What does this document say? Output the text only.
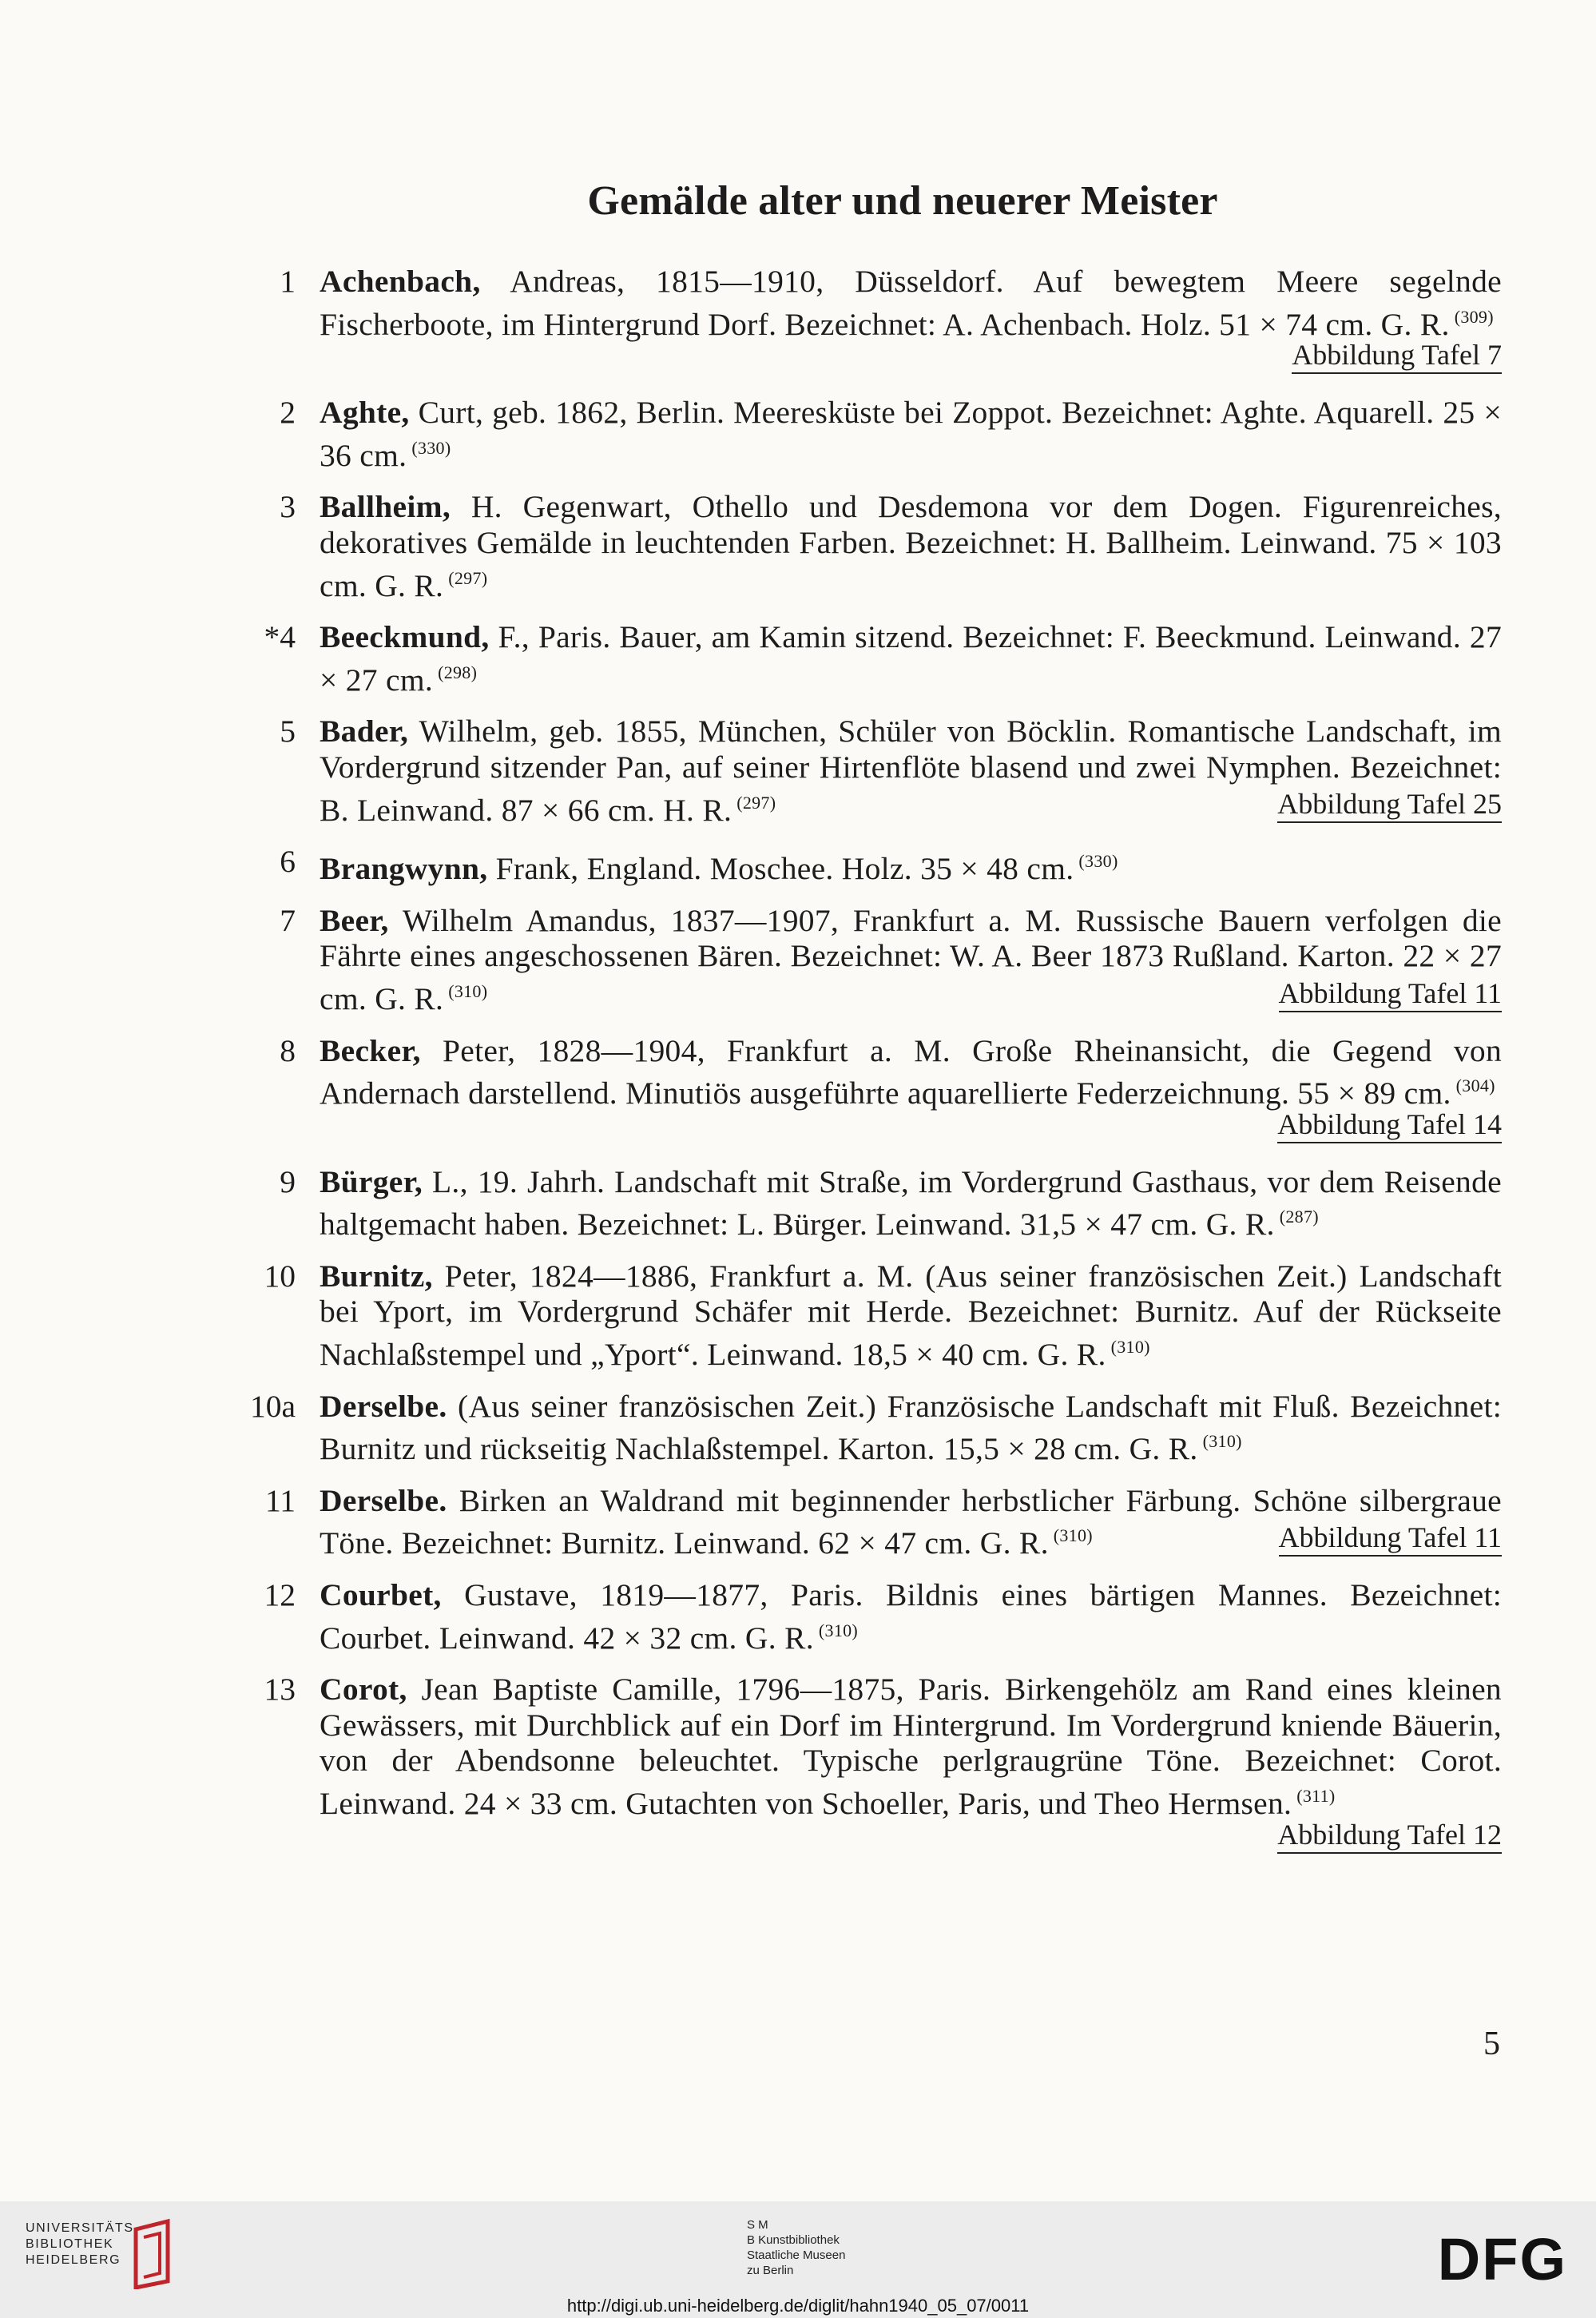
Gemälde alter und neuerer Meister
1 Achenbach, Andreas, 1815—1910, Düsseldorf. Auf bewegtem Meere segelnde Fischerboote, im Hintergrund Dorf. Bezeichnet: A. Achenbach. Holz. 51 × 74 cm. G. R. $^{(309)}$
Abbildung Tafel 7
2 Aghte, Curt, geb. 1862, Berlin. Meeresküste bei Zoppot. Bezeichnet: Aghte. Aquarell. 25 × 36 cm. $^{(330)}$
3 Ballheim, H. Gegenwart, Othello und Desdemona vor dem Dogen. Figurenreiches, dekoratives Gemälde in leuchtenden Farben. Bezeichnet: H. Ballheim. Leinwand. 75 × 103 cm. G. R. $^{(297)}$
*4 Beeckmund, F., Paris. Bauer, am Kamin sitzend. Bezeichnet: F. Beeckmund. Leinwand. 27 × 27 cm. $^{(298)}$
5 Bader, Wilhelm, geb. 1855, München, Schüler von Böcklin. Romantische Landschaft, im Vordergrund sitzender Pan, auf seiner Hirtenflöte blasend und zwei Nymphen. Bezeichnet: B. Leinwand. 87 × 66 cm. H. R. $^{(297)}$	Abbildung Tafel 25
6 Brangwynn, Frank, England. Moschee. Holz. 35 × 48 cm. $^{(330)}$
7 Beer, Wilhelm Amandus, 1837—1907, Frankfurt a. M. Russische Bauern verfolgen die Fährte eines angeschossenen Bären. Bezeichnet: W. A. Beer 1873 Rußland. Karton. 22 × 27 cm. G. R. $^{(310)}$	Abbildung Tafel 11
8 Becker, Peter, 1828—1904, Frankfurt a. M. Große Rheinansicht, die Gegend von Andernach darstellend. Minutiös ausgeführte aquarellierte Federzeichnung. 55 × 89 cm. $^{(304)}$
Abbildung Tafel 14
9 Bürger, L., 19. Jahrh. Landschaft mit Straße, im Vordergrund Gasthaus, vor dem Reisende haltgemacht haben. Bezeichnet: L. Bürger. Leinwand. 31,5 × 47 cm. G. R. $^{(287)}$
10 Burnitz, Peter, 1824—1886, Frankfurt a. M. (Aus seiner französischen Zeit.) Landschaft bei Yport, im Vordergrund Schäfer mit Herde. Bezeichnet: Burnitz. Auf der Rückseite Nachlaßstempel und „Yport“. Leinwand. 18,5 × 40 cm. G. R. $^{(310)}$
10a Derselbe. (Aus seiner französischen Zeit.) Französische Landschaft mit Fluß. Bezeichnet: Burnitz und rückseitig Nachlaßstempel. Karton. 15,5 × 28 cm. G. R. $^{(310)}$
11 Derselbe. Birken an Waldrand mit beginnender herbstlicher Färbung. Schöne silbergraue Töne. Bezeichnet: Burnitz. Leinwand. 62 × 47 cm. G. R. $^{(310)}$	Abbildung Tafel 11
12 Courbet, Gustave, 1819—1877, Paris. Bildnis eines bärtigen Mannes. Bezeichnet: Courbet. Leinwand. 42 × 32 cm. G. R. $^{(310)}$
13 Corot, Jean Baptiste Camille, 1796—1875, Paris. Birkengehölz am Rand eines kleinen Gewässers, mit Durchblick auf ein Dorf im Hintergrund. Im Vordergrund kniende Bäuerin, von der Abendsonne beleuchtet. Typische perlgraugrüne Töne. Bezeichnet: Corot. Leinwand. 24 × 33 cm. Gutachten von Schoeller, Paris, und Theo Hermsen. $^{(311)}$
Abbildung Tafel 12
5
UNIVERSITÄTS-
BIBLIOTHEK
HEIDELBERG
S M
B Kunstbibliothek
Staatliche Museen
zu Berlin	DFG
http://digi.ub.uni-heidelberg.de/diglit/hahn1940_05_07/0011
